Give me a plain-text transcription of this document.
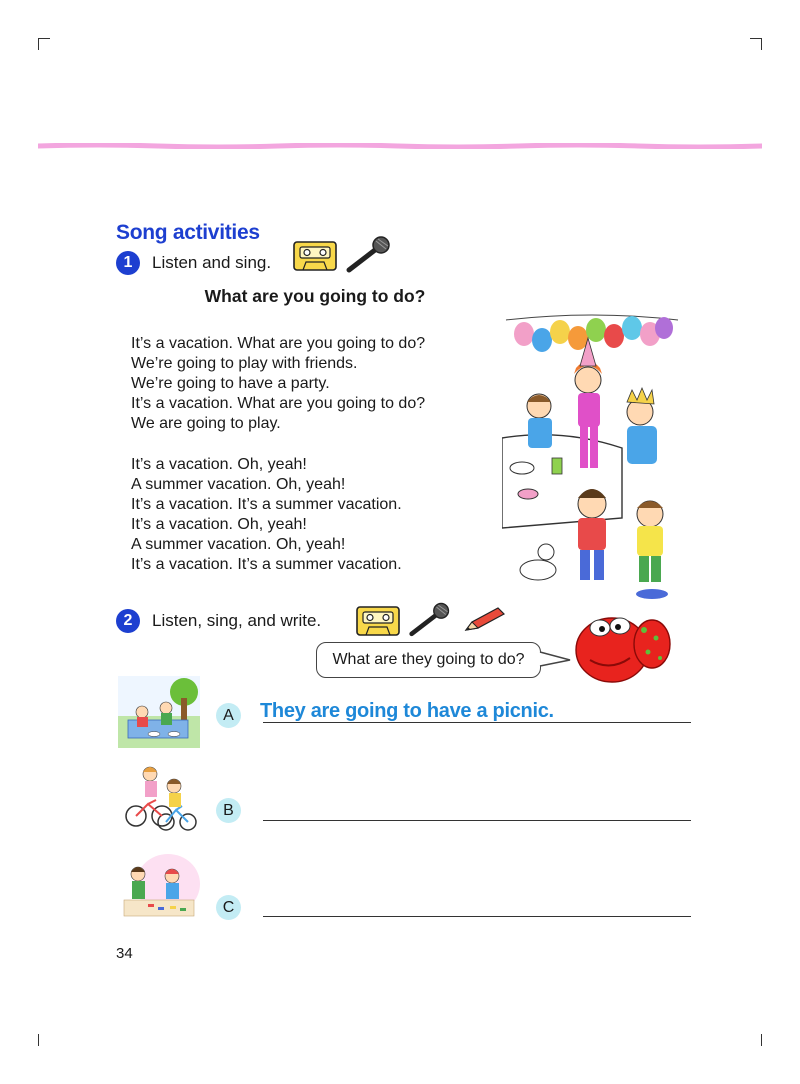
Song activities
1	Listen and sing.
What are you going to do?
It’s a vacation. What are you going to do?
We’re going to play with friends.
We’re going to have a party.
It’s a vacation. What are you going to do?
We are going to play.
It’s a vacation. Oh, yeah!
A summer vacation. Oh, yeah!
It’s a vacation. It’s a summer vacation.
It’s a vacation. Oh, yeah!
A summer vacation. Oh, yeah!
It’s a vacation. It’s a summer vacation.
2	Listen, sing, and write.
What are they going to do?
A	They are going to have a picnic.
B
C
34
